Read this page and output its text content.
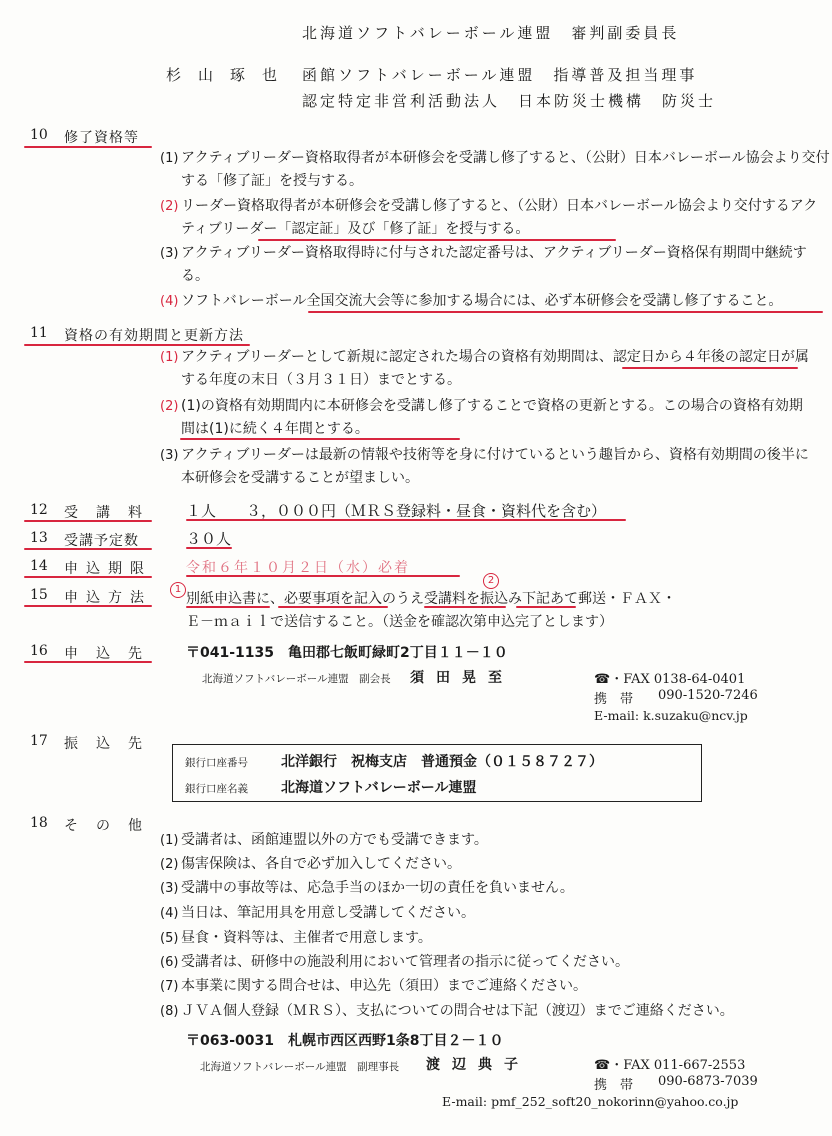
北海道ソフトバレーボール連盟　審判副委員長
杉山琢也 函館ソフトバレーボール連盟　指導普及担当理事
認定特定非営利活動法人　日本防災士機構　防災士
10 修了資格等
(1) アクティブリーダー資格取得者が本研修会を受講し修了すると、（公財）日本バレーボール協会より交付する「修了証」を授与する。
(2) リーダー資格取得者が本研修会を受講し修了すると、（公財）日本バレーボール協会より交付するアクティブリーダー「認定証」及び「修了証」を授与する。
(3) アクティブリーダー資格取得時に付与された認定番号は、アクティブリーダー資格保有期間中継続する。
(4) ソフトバレーボール全国交流大会等に参加する場合には、必ず本研修会を受講し修了すること。
11 資格の有効期間と更新方法
(1) アクティブリーダーとして新規に認定された場合の資格有効期間は、認定日から４年後の認定日が属する年度の末日（３月３１日）までとする。
(2) (1)の資格有効期間内に本研修会を受講し修了することで資格の更新とする。この場合の資格有効期間は(1)に続く４年間とする。
(3) アクティブリーダーは最新の情報や技術等を身に付けているという趣旨から、資格有効期間の後半に本研修会を受講することが望ましい。
12 受講料 １人　　３，０００円（ＭＲＳ登録料・昼食・資料代を含む）
13 受講予定数	３０人
14 申込期限 令和６年１０月２日（水）必着
15 申込方法
1
2
別紙申込書に、必要事項を記入のうえ受講料を振込み下記あて郵送・ＦＡＸ・
Ｅ－ｍａｉｌで送信すること。（送金を確認次第申込完了とします）
16 申込先 〒041-1135　亀田郡七飯町緑町2丁目１１－１０
北海道ソフトバレーボール連盟　副会長 須田晃至	☎・FAX 0138-64-0401
携　帯 090-1520-7246
E-mail: k.suzaku@ncv.jp
17 振込先
銀行口座番号 北洋銀行　祝梅支店　普通預金（０１５８７２７）
銀行口座名義 北海道ソフトバレーボール連盟
18 その他
(1) 受講者は、函館連盟以外の方でも受講できます。
(2) 傷害保険は、各自で必ず加入してください。
(3) 受講中の事故等は、応急手当のほか一切の責任を負いません。
(4) 当日は、筆記用具を用意し受講してください。
(5) 昼食・資料等は、主催者で用意します。
(6) 受講者は、研修中の施設利用において管理者の指示に従ってください。
(7) 本事業に関する問合せは、申込先（須田）までご連絡ください。
(8) ＪＶＡ個人登録（ＭＲＳ）、支払についての問合せは下記（渡辺）までご連絡ください。
〒063-0031　札幌市西区西野1条8丁目２－１０
北海道ソフトバレーボール連盟　副理事長 渡辺典子	☎・FAX 011-667-2553
携　帯 090-6873-7039
E-mail: pmf_252_soft20_nokorinn@yahoo.co.jp
